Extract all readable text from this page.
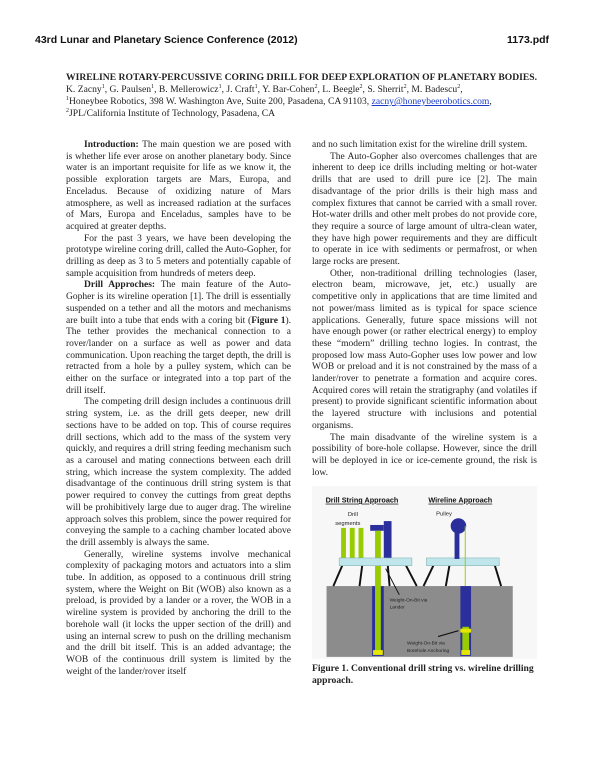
43rd Lunar and Planetary Science Conference (2012)	1173.pdf
WIRELINE ROTARY-PERCUSSIVE CORING DRILL FOR DEEP EXPLORATION OF PLANETARY BODIES. K. Zacny$^1$, G. Paulsen$^1$, B. Mellerowicz$^1$, J. Craft$^1$, Y. Bar-Cohen$^2$, L. Beegle$^2$, S. Sherrit$^2$, M. Badescu$^2$,
$^1$Honeybee Robotics, 398 W. Washington Ave, Suite 200, Pasadena, CA 91103, zacny@honeybeerobotics.com,
$^2$JPL/California Institute of Technology, Pasadena, CA

Introduction: The main question we are posed with is whether life ever arose on another planetary body. Since water is an important requisite for life as we know it, the possible exploration targets are Mars, Europa, and Enceladus. Because of oxidizing nature of Mars atmosphere, as well as increased radiation at the surfaces of Mars, Europa and Enceladus, samples have to be acquired at greater depths.

For the past 3 years, we have been developing the prototype wireline coring drill, called the Auto-Gopher, for drilling as deep as 3 to 5 meters and potentially capable of sample acquisition from hundreds of meters deep.

Drill Approches: The main feature of the Auto-Gopher is its wireline operation [1]. The drill is essentially suspended on a tether and all the motors and mechanisms are built into a tube that ends with a coring bit (Figure 1). The tether provides the mechanical connection to a rover/lander on a surface as well as power and data communication. Upon reaching the target depth, the drill is retracted from a hole by a pulley system, which can be either on the surface or integrated into a top part of the drill itself.

The competing drill design includes a continuous drill string system, i.e. as the drill gets deeper, new drill sections have to be added on top. This of course requires drill sections, which add to the mass of the system very quickly, and requires a drill string feeding mechanism such as a carousel and mating connections between each drill string, which increase the system complexity. The added disadvantage of the continuous drill string system is that power required to convey the cuttings from great depths will be prohibitively large due to auger drag. The wireline approach solves this problem, since the power required for conveying the sample to a caching chamber located above the drill assembly is always the same.

Generally, wireline systems involve mechanical complexity of packaging motors and actuators into a slim tube. In addition, as opposed to a continuous drill string system, where the Weight on Bit (WOB) also known as a preload, is provided by a lander or a rover, the WOB in a wireline system is provided by anchoring the drill to the borehole wall (it locks the upper section of the drill) and using an internal screw to push on the drilling mechanism and the drill bit itself. This is an added advantage; the WOB of the continuous drill system is limited by the weight of the lander/rover itself

and no such limitation exist for the wireline drill system.

The Auto-Gopher also overcomes challenges that are inherent to deep ice drills including melting or hot-water drills that are used to drill pure ice [2]. The main disadvantage of the prior drills is their high mass and complex fixtures that cannot be carried with a small rover. Hot-water drills and other melt probes do not provide core, they require a source of large amount of ultra-clean water, they have high power requirements and they are difficult to operate in ice with sediments or permafrost, or when large rocks are present.

Other, non-traditional drilling technologies (laser, electron beam, microwave, jet, etc.) usually are competitive only in applications that are time limited and not power/mass limited as is typical for space science applications. Generally, future space missions will not have enough power (or rather electrical energy) to employ these “modern” drilling techno logies. In contrast, the proposed low mass Auto-Gopher uses low power and low WOB or preload and it is not constrained by the mass of a lander/rover to penetrate a formation and acquire cores. Acquired cores will retain the stratigraphy (and volatiles if present) to provide significant scientific information about the layered structure with inclusions and potential organisms.

The main disadvante of the wireline system is a possibility of bore-hole collapse. However, since the drill will be deployed in ice or ice-cemente ground, the risk is low.

Drill String Approach	Wireline Approach
Drill
segments
Pulley
Weight-On-Bit via
Lander
Weight-On-Bit via
Borehole Anchoring
Figure 1. Conventional drill string vs. wireline drilling approach.
